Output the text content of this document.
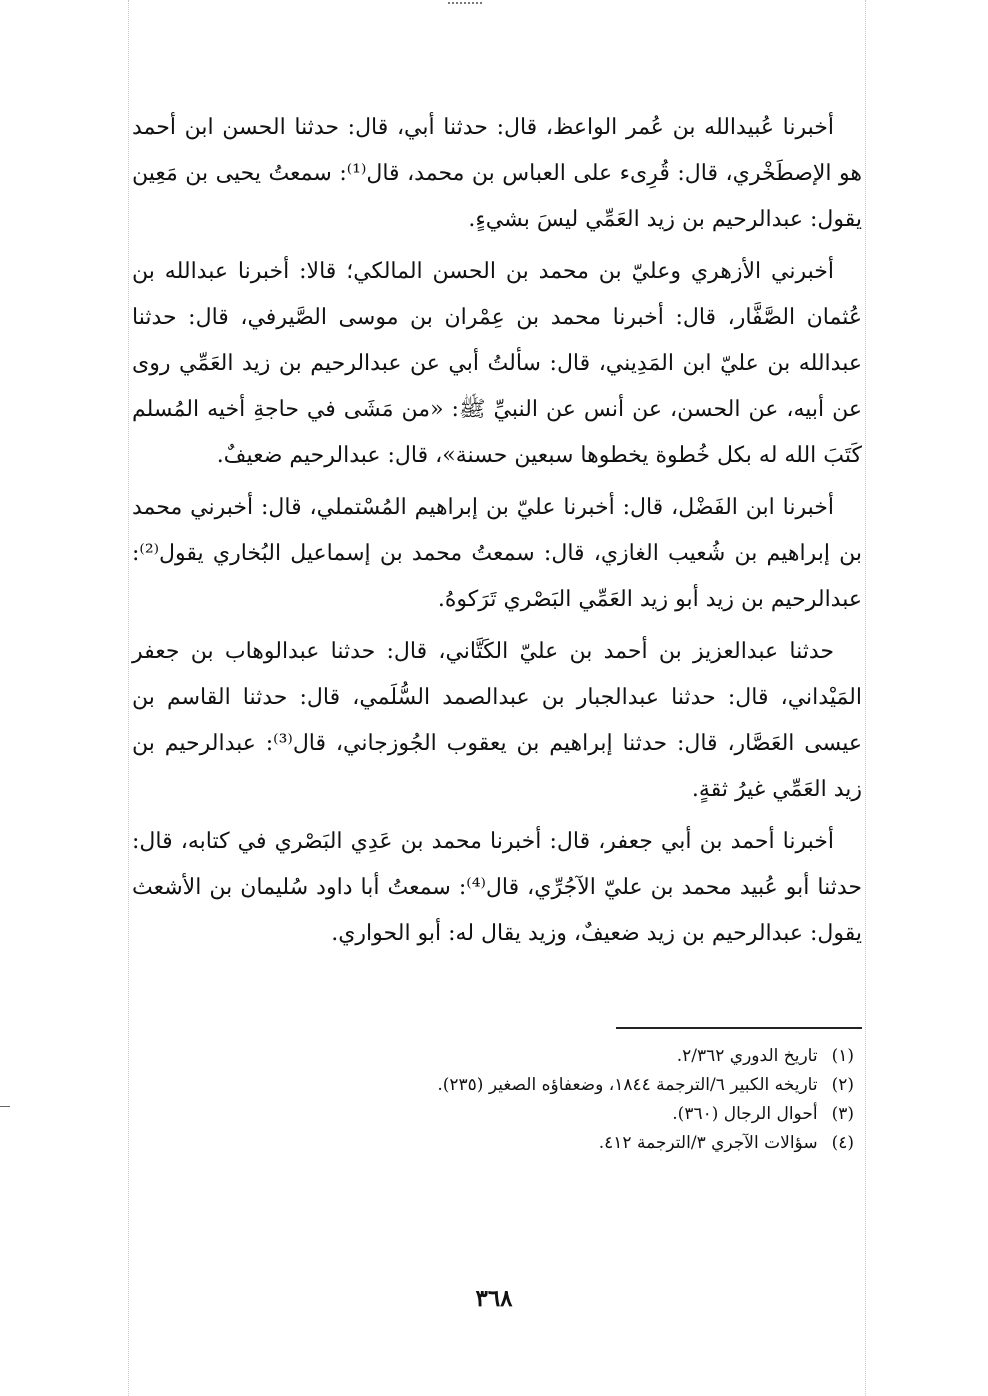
أخبرنا عُبيدالله بن عُمر الواعظ، قال: حدثنا أبي، قال: حدثنا الحسن ابن أحمد هو الإصطَخْري، قال: قُرِىء على العباس بن محمد، قال⁽¹⁾: سمعتُ يحيى بن مَعِين يقول: عبدالرحيم بن زيد العَمِّي ليسَ بشيءٍ.

أخبرني الأزهري وعليّ بن محمد بن الحسن المالكي؛ قالا: أخبرنا عبدالله بن عُثمان الصَّفَّار، قال: أخبرنا محمد بن عِمْران بن موسى الصَّيرفي، قال: حدثنا عبدالله بن عليّ ابن المَدِيني، قال: سألتُ أبي عن عبدالرحيم بن زيد العَمِّي روى عن أبيه، عن الحسن، عن أنس عن النبيِّ ﷺ: «من مَشَى في حاجةِ أخيه المُسلم كَتَبَ الله له بكل خُطوة يخطوها سبعين حسنة»، قال: عبدالرحيم ضعيفٌ.

أخبرنا ابن الفَضْل، قال: أخبرنا عليّ بن إبراهيم المُسْتملي، قال: أخبرني محمد بن إبراهيم بن شُعيب الغازي، قال: سمعتُ محمد بن إسماعيل البُخاري يقول⁽²⁾: عبدالرحيم بن زيد أبو زيد العَمِّي البَصْري تَرَكوهُ.

حدثنا عبدالعزيز بن أحمد بن عليّ الكَتَّاني، قال: حدثنا عبدالوهاب بن جعفر المَيْداني، قال: حدثنا عبدالجبار بن عبدالصمد السُّلَمي، قال: حدثنا القاسم بن عيسى العَصَّار، قال: حدثنا إبراهيم بن يعقوب الجُوزجاني، قال⁽³⁾: عبدالرحيم بن زيد العَمِّي غيرُ ثقةٍ.

أخبرنا أحمد بن أبي جعفر، قال: أخبرنا محمد بن عَدِي البَصْري في كتابه، قال: حدثنا أبو عُبيد محمد بن عليّ الآجُرِّي، قال⁽⁴⁾: سمعتُ أبا داود سُليمان بن الأشعث يقول: عبدالرحيم بن زيد ضعيفٌ، وزيد يقال له: أبو الحواري.

(١)تاريخ الدوري ٢/٣٦٢.

(٢)تاريخه الكبير ٦/الترجمة ١٨٤٤، وضعفاؤه الصغير (٢٣٥).

(٣)أحوال الرجال (٣٦٠).

(٤)سؤالات الآجري ٣/الترجمة ٤١٢.

٣٦٨
